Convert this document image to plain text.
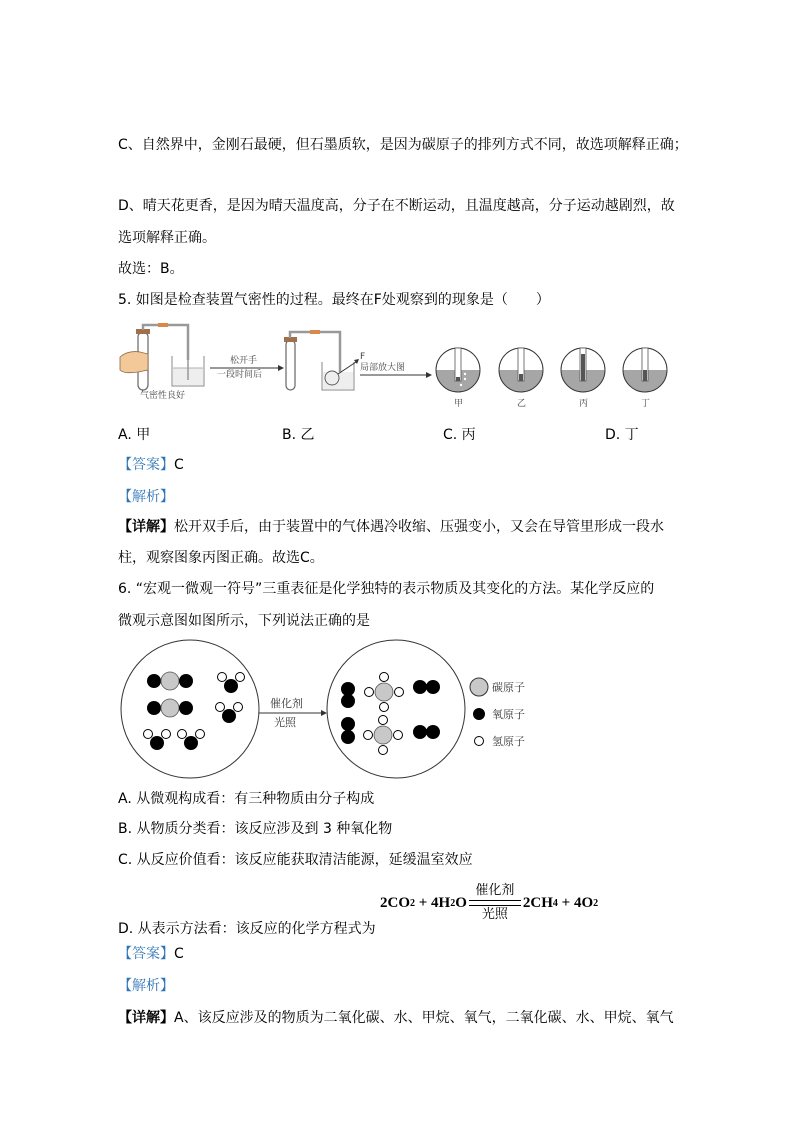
C、自然界中，金刚石最硬，但石墨质软，是因为碳原子的排列方式不同，故选项解释正确；
D、晴天花更香，是因为晴天温度高，分子在不断运动，且温度越高，分子运动越剧烈，故
选项解释正确。
故选：B。
5. 如图是检查装置气密性的过程。最终在F处观察到的现象是（　　）
气密性良好
松开手
一段时间后
F
局部放大图
甲	乙	丙	丁
A. 甲	B. 乙	C. 丙	D. 丁
【答案】C
【解析】
【详解】松开双手后，由于装置中的气体遇冷收缩、压强变小，又会在导管里形成一段水
柱，观察图象丙图正确。故选C。
6. “宏观一微观一符号”三重表征是化学独特的表示物质及其变化的方法。某化学反应的
微观示意图如图所示，下列说法正确的是
催化剂
光照
碳原子
氧原子
氢原子
A. 从微观构成看：有三种物质由分子构成
B. 从物质分类看：该反应涉及到 3 种氧化物
C. 从反应价值看：该反应能获取清洁能源，延缓温室效应
D. 从表示方法看：该反应的化学方程式为
2CO 2 + 4H 2 O
催化剂
光照
2CH 4 + 4O 2
【答案】C
【解析】
【详解】A、该反应涉及的物质为二氧化碳、水、甲烷、氧气，二氧化碳、水、甲烷、氧气
